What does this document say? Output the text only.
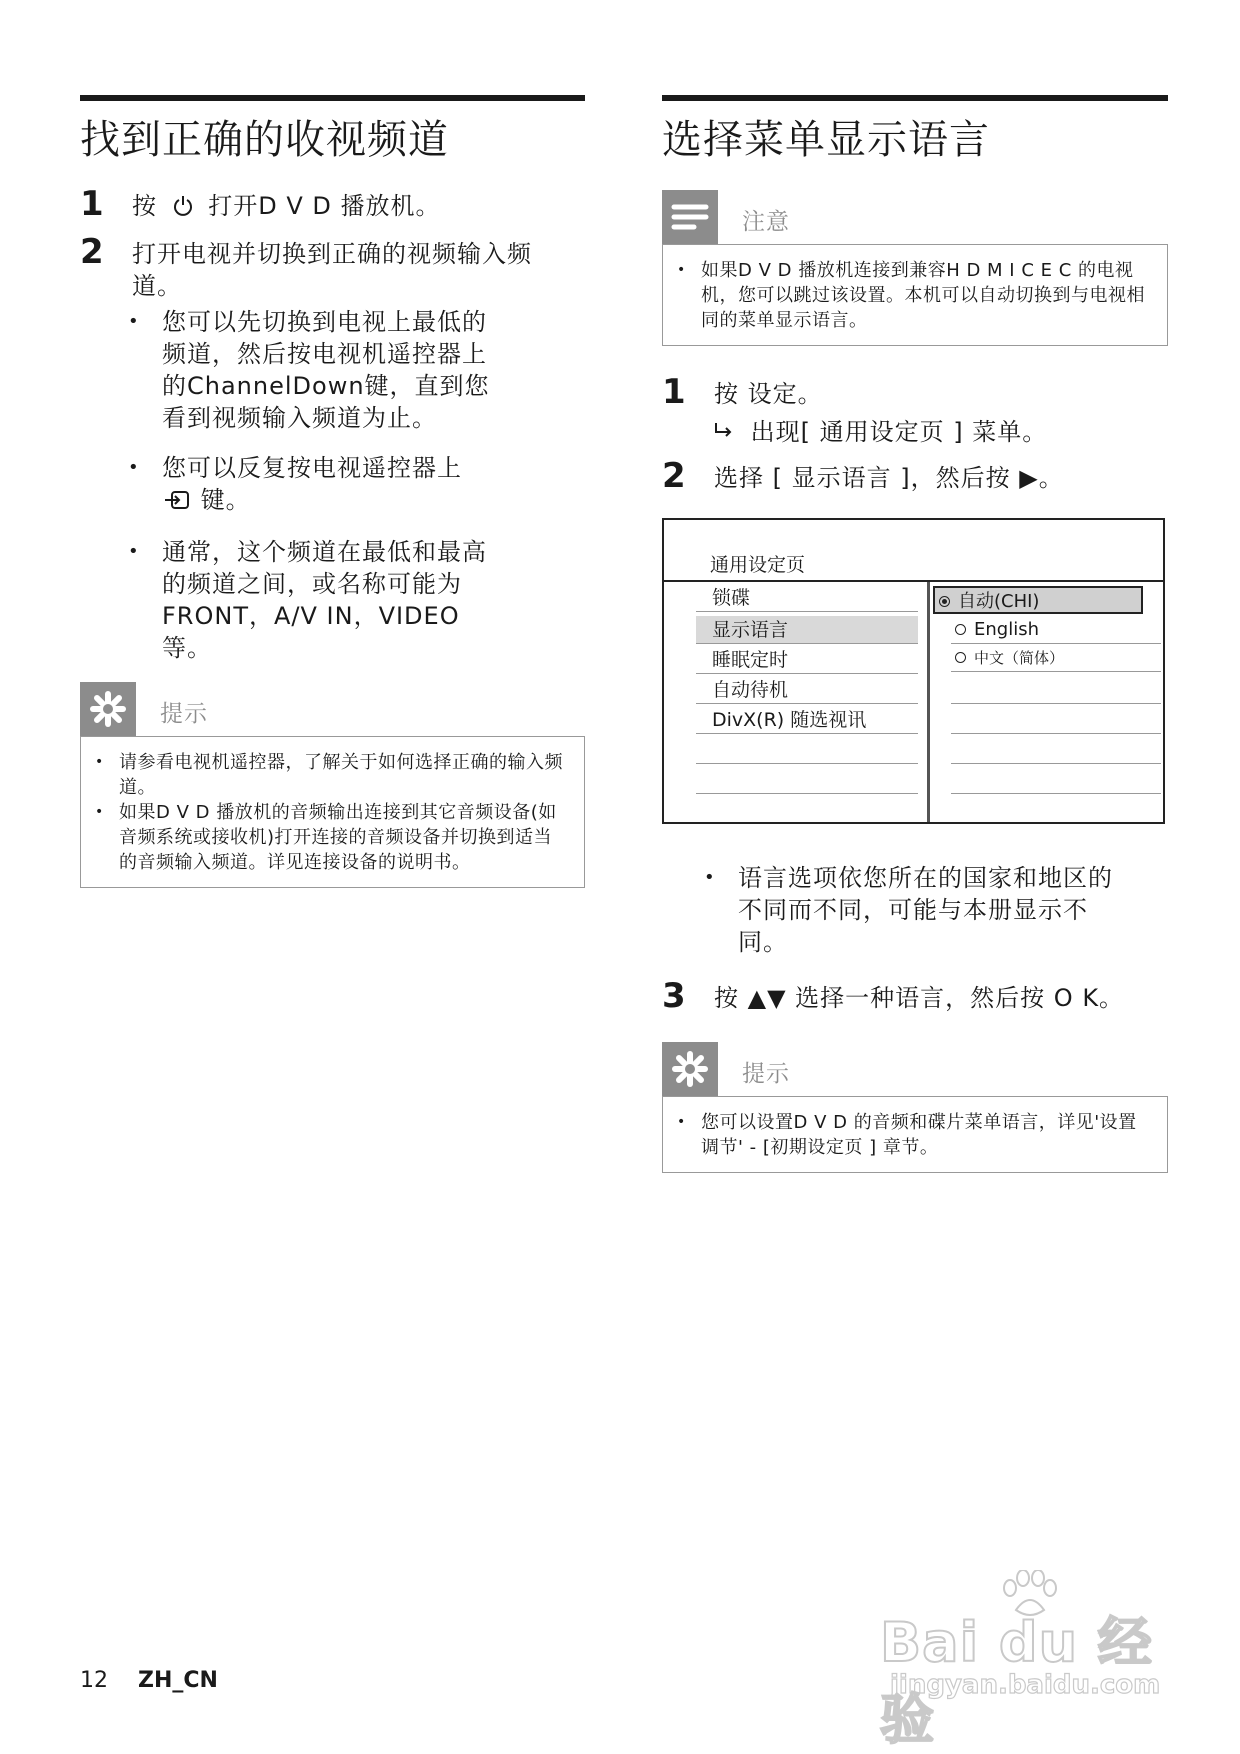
找到正确的收视频道
1 按 打开D V D 播放机。
2 打开电视并切换到正确的视频输入频道。
• 您可以先切换到电视上最低的频道，然后按电视机遥控器上的ChannelDown键，直到您看到视频输入频道为止。
• 您可以反复按电视遥控器上  键。
• 通常，这个频道在最低和最高的频道之间，或名称可能为FRONT，A/V IN，VIDEO 等。
提示
• 请参看电视机遥控器，了解关于如何选择正确的输入频道。
• 如果D V D 播放机的音频输出连接到其它音频设备(如音频系统或接收机)打开连接的音频设备并切换到适当的音频输入频道。详见连接设备的说明书。
选择菜单显示语言
注意
• 如果D V D 播放机连接到兼容H D M I C E C 的电视机，您可以跳过该设置。本机可以自动切换到与电视相同的菜单显示语言。
1 按 设定。
出现[ 通用设定页 ] 菜单。
2 选择 [ 显示语言 ]，然后按 ▶。
通用设定页
锁碟
显示语言
睡眠定时
自动待机
DivX(R) 随选视讯
自动(CHI)
English
中文（简体）
• 语言选项依您所在的国家和地区的不同而不同，可能与本册显示不同。
3 按 ▲▼ 选择一种语言，然后按 O K。
提示
• 您可以设置D V D 的音频和碟片菜单语言，详见'设置调节' - [初期设定页 ] 章节。
12 ZH_CN
Bai du 经验
jingyan.baidu.com
